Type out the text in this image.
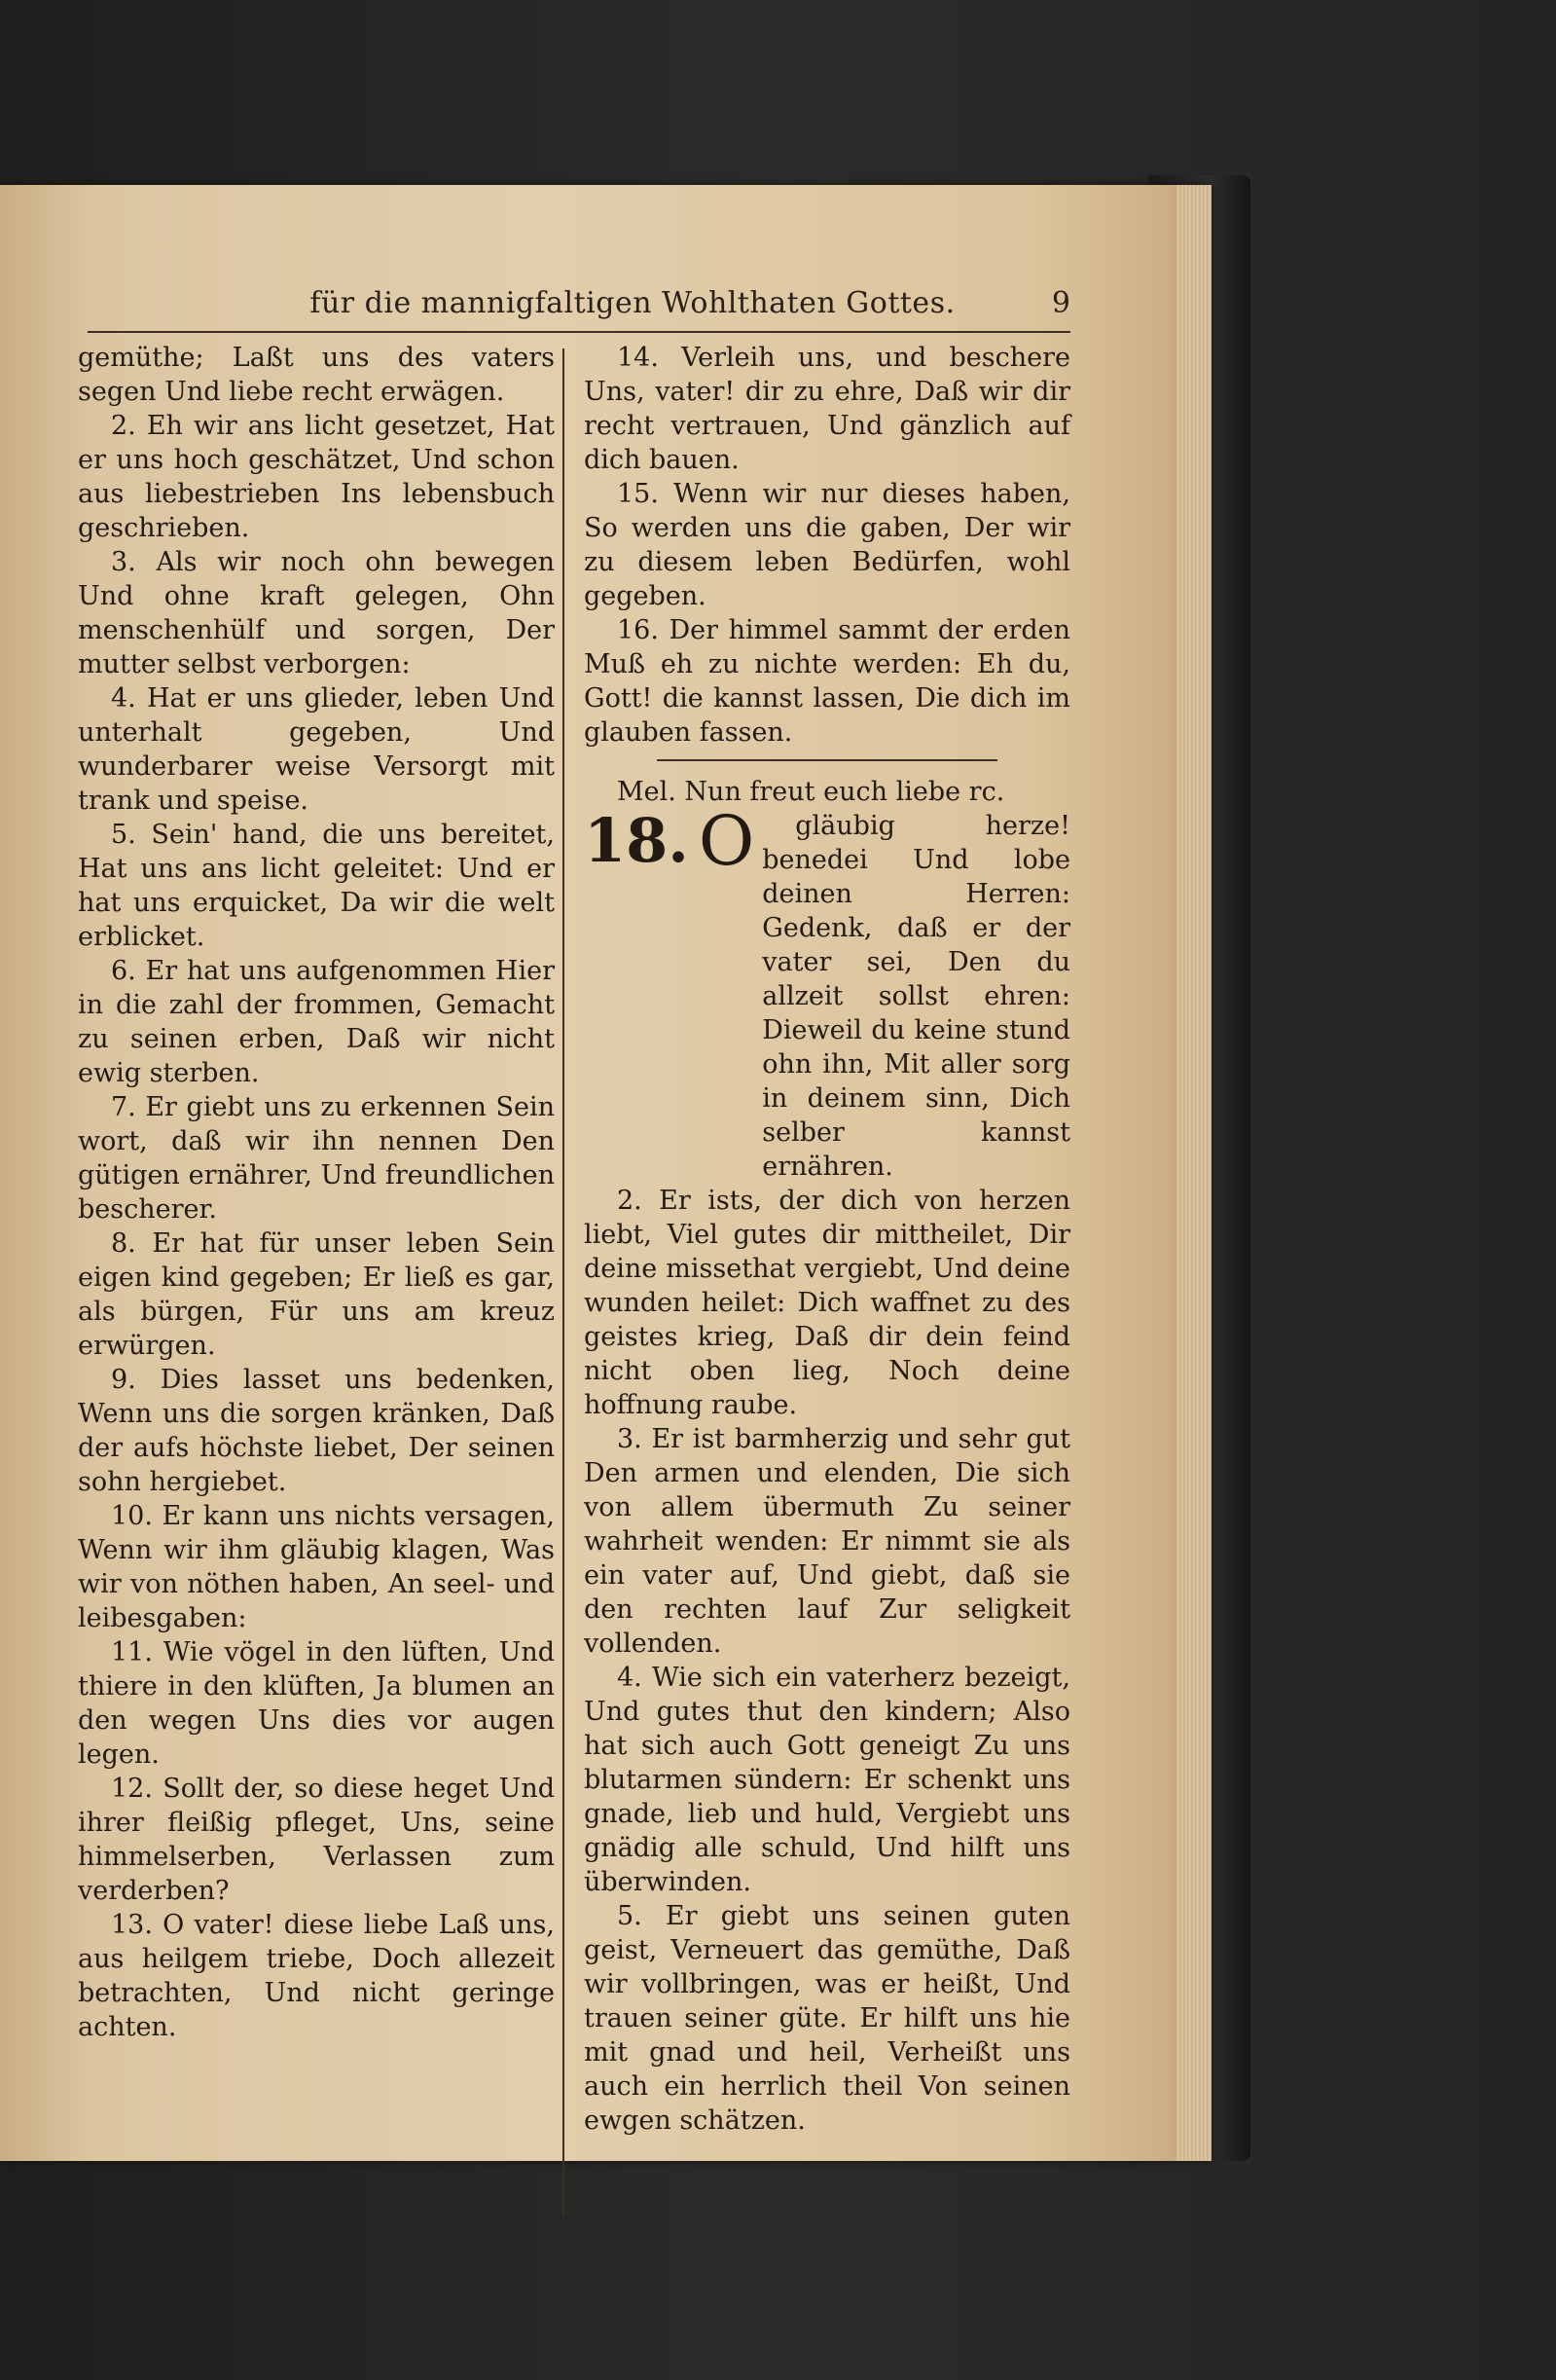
für die mannigfaltigen Wohlthaten Gottes.	9

gemüthe; Laßt uns des vaters segen Und liebe recht erwägen.

2. Eh wir ans licht gesetzet, Hat er uns hoch geschätzet, Und schon aus liebestrieben Ins lebensbuch geschrieben.

3. Als wir noch ohn bewegen Und ohne kraft gelegen, Ohn menschenhülf und sorgen, Der mutter selbst verborgen:

4. Hat er uns glieder, leben Und unterhalt gegeben, Und wunderbarer weise Versorgt mit trank und speise.

5. Sein' hand, die uns bereitet, Hat uns ans licht geleitet: Und er hat uns erquicket, Da wir die welt erblicket.

6. Er hat uns aufgenommen Hier in die zahl der frommen, Gemacht zu seinen erben, Daß wir nicht ewig sterben.

7. Er giebt uns zu erkennen Sein wort, daß wir ihn nennen Den gütigen ernährer, Und freundlichen bescherer.

8. Er hat für unser leben Sein eigen kind gegeben; Er ließ es gar, als bürgen, Für uns am kreuz erwürgen.

9. Dies lasset uns bedenken, Wenn uns die sorgen kränken, Daß der aufs höchste liebet, Der seinen sohn hergiebet.

10. Er kann uns nichts versagen, Wenn wir ihm gläubig klagen, Was wir von nöthen haben, An seel- und leibesgaben:

11. Wie vögel in den lüften, Und thiere in den klüften, Ja blumen an den wegen Uns dies vor augen legen.

12. Sollt der, so diese heget Und ihrer fleißig pfleget, Uns, seine himmelserben, Verlassen zum verderben?

13. O vater! diese liebe Laß uns, aus heilgem triebe, Doch allezeit betrachten, Und nicht geringe achten.

14. Verleih uns, und beschere Uns, vater! dir zu ehre, Daß wir dir recht vertrauen, Und gänzlich auf dich bauen.

15. Wenn wir nur dieses haben, So werden uns die gaben, Der wir zu diesem leben Bedürfen, wohl gegeben.

16. Der himmel sammt der erden Muß eh zu nichte werden: Eh du, Gott! die kannst lassen, Die dich im glauben fassen.

Mel. Nun freut euch liebe rc.

18. O	gläubig herze! benedei Und lobe deinen Herren: Gedenk, daß er der vater sei, Den du allzeit sollst ehren: Dieweil du keine stund ohn ihn, Mit aller sorg in deinem sinn, Dich selber kannst ernähren.

2. Er ists, der dich von herzen liebt, Viel gutes dir mittheilet, Dir deine missethat vergiebt, Und deine wunden heilet: Dich waffnet zu des geistes krieg, Daß dir dein feind nicht oben lieg, Noch deine hoffnung raube.

3. Er ist barmherzig und sehr gut Den armen und elenden, Die sich von allem übermuth Zu seiner wahrheit wenden: Er nimmt sie als ein vater auf, Und giebt, daß sie den rechten lauf Zur seligkeit vollenden.

4. Wie sich ein vaterherz bezeigt, Und gutes thut den kindern; Also hat sich auch Gott geneigt Zu uns blutarmen sündern: Er schenkt uns gnade, lieb und huld, Vergiebt uns gnädig alle schuld, Und hilft uns überwinden.

5. Er giebt uns seinen guten geist, Verneuert das gemüthe, Daß wir vollbringen, was er heißt, Und trauen seiner güte. Er hilft uns hie mit gnad und heil, Verheißt uns auch ein herrlich theil Von seinen ewgen schätzen.
